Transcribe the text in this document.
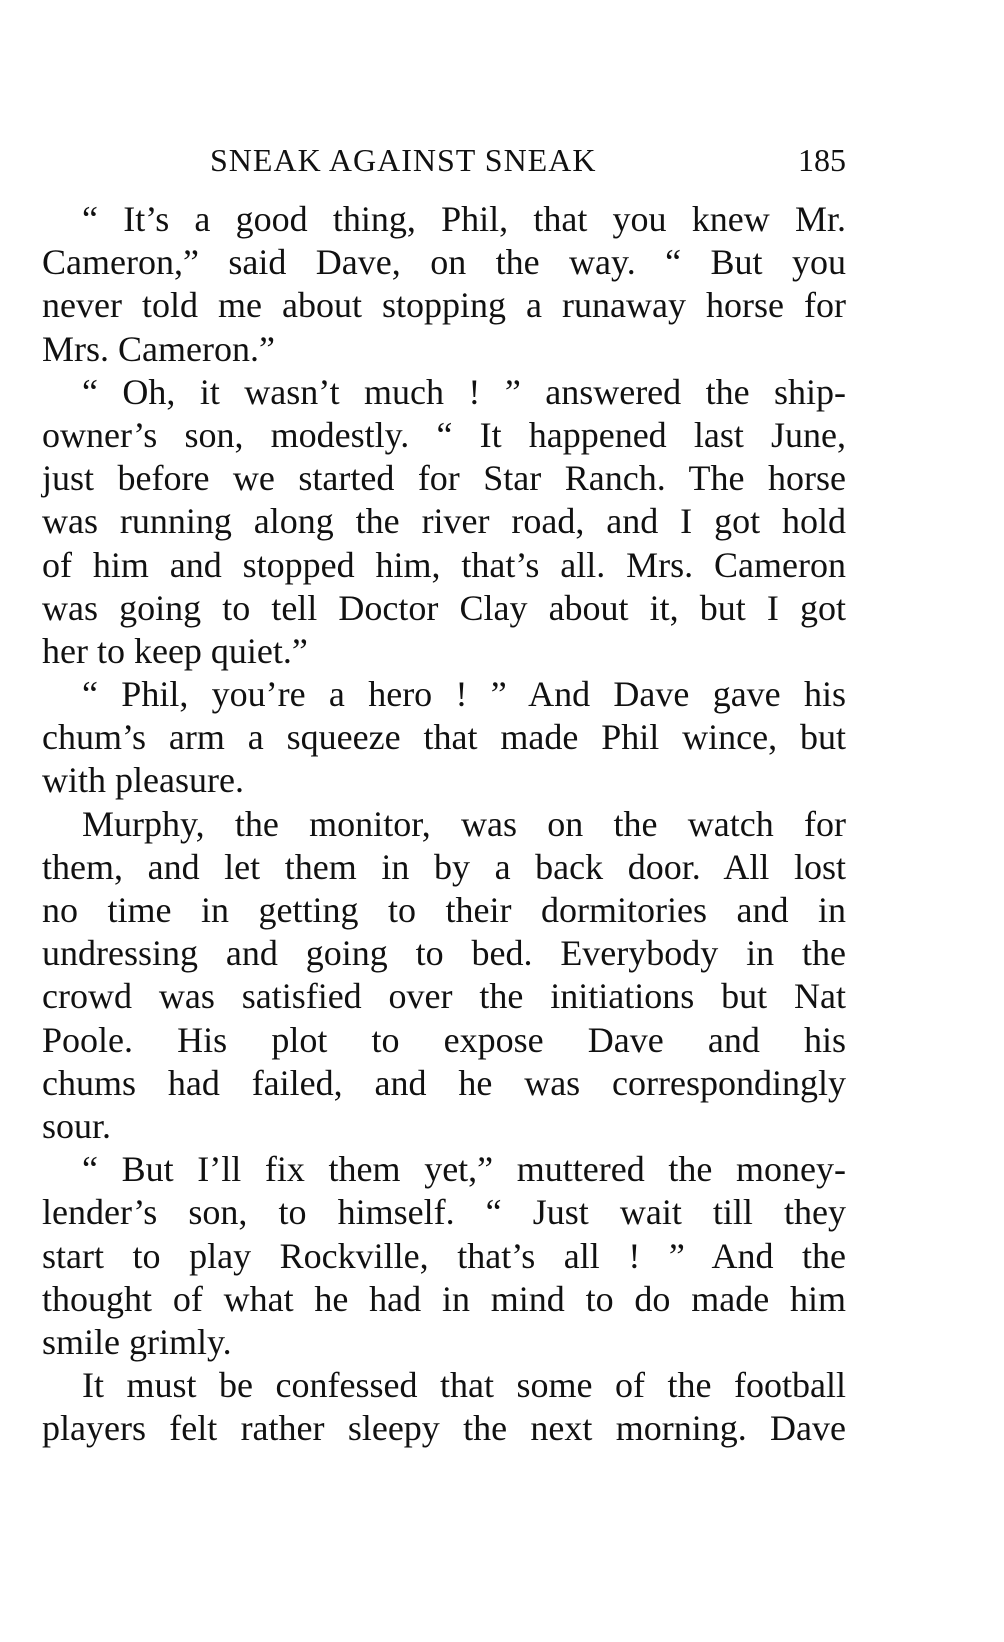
SNEAK AGAINST SNEAK	185
“ It’s a good thing, Phil, that you knew Mr.
Cameron,” said Dave, on the way. “ But you
never told me about stopping a runaway horse for
Mrs. Cameron.”
“ Oh, it wasn’t much ! ” answered the ship-
owner’s son, modestly. “ It happened last June,
just before we started for Star Ranch. The horse
was running along the river road, and I got hold
of him and stopped him, that’s all. Mrs. Cameron
was going to tell Doctor Clay about it, but I got
her to keep quiet.”
“ Phil, you’re a hero ! ” And Dave gave his
chum’s arm a squeeze that made Phil wince, but
with pleasure.
Murphy, the monitor, was on the watch for
them, and let them in by a back door. All lost
no time in getting to their dormitories and in
undressing and going to bed. Everybody in the
crowd was satisfied over the initiations but Nat
Poole. His plot to expose Dave and his
chums had failed, and he was correspondingly
sour.
“ But I’ll fix them yet,” muttered the money-
lender’s son, to himself. “ Just wait till they
start to play Rockville, that’s all ! ” And the
thought of what he had in mind to do made him
smile grimly.
It must be confessed that some of the football
players felt rather sleepy the next morning. Dave
